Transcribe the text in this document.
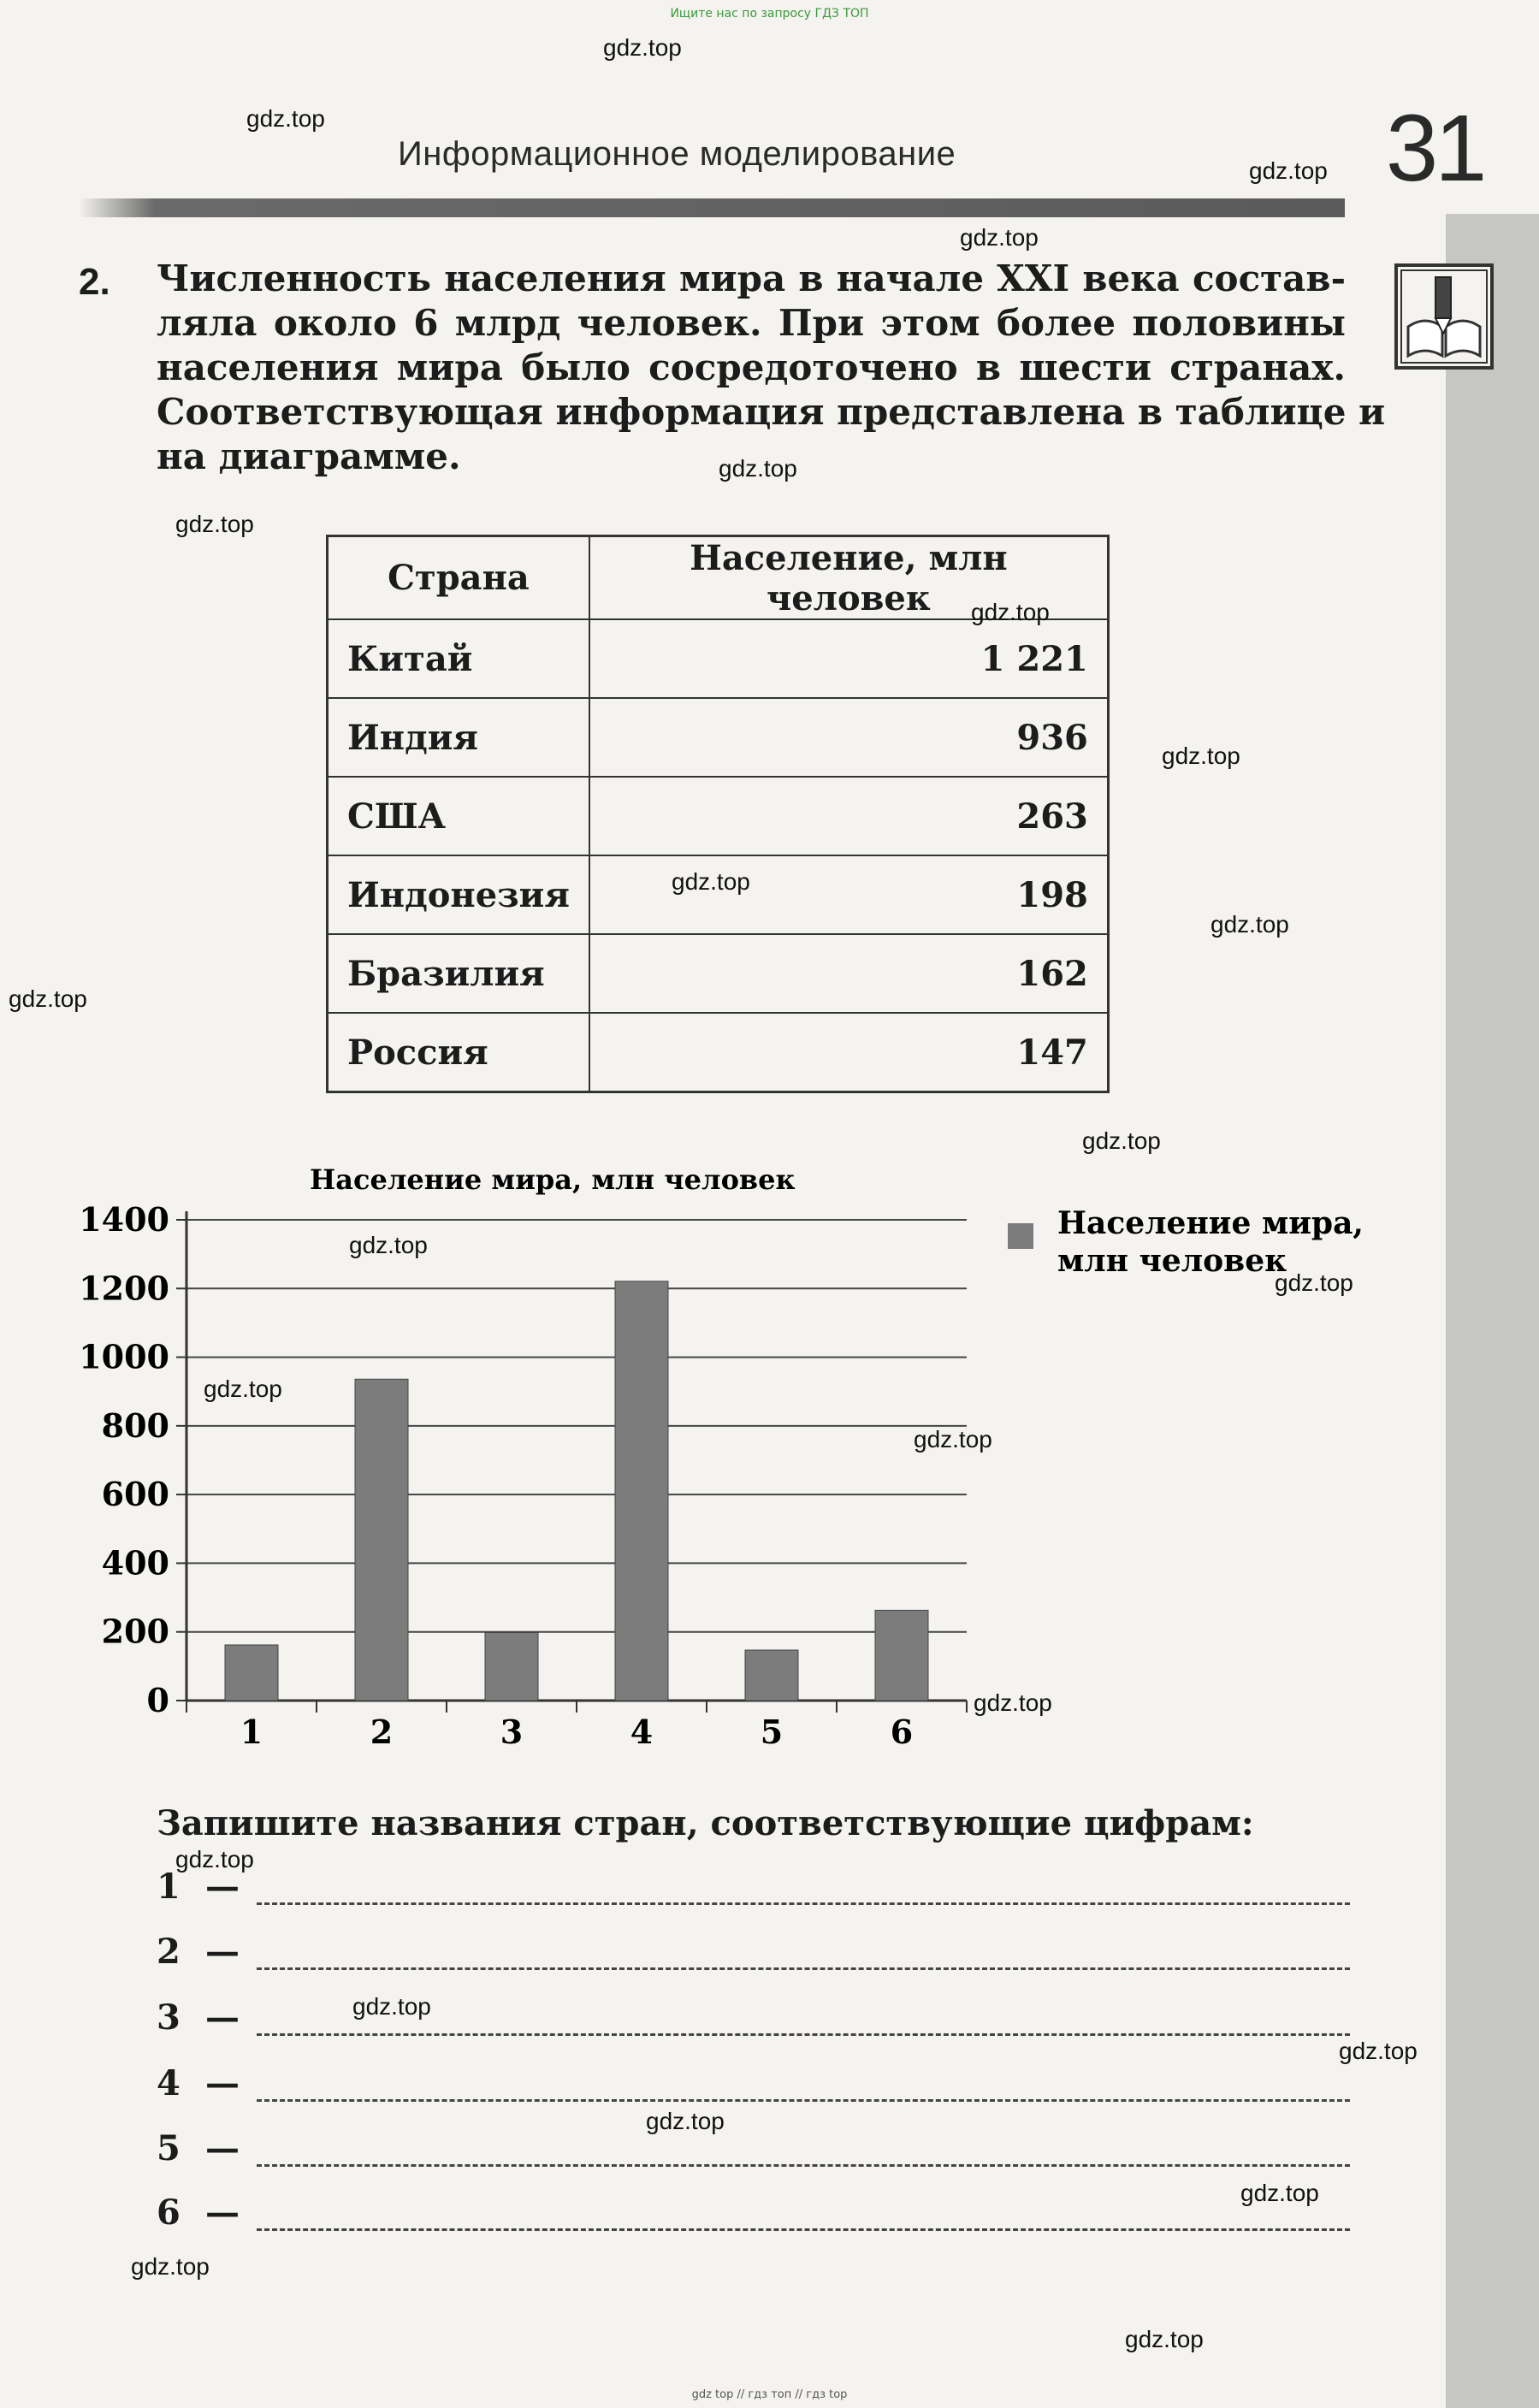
Ищите нас по запросу ГДЗ ТОП
Информационное моделирование	31
2. Численность населения мира в начале XXI века состав-
ляла около 6 млрд человек. При этом более половины
населения мира было сосредоточено в шести странах.
Соответствующая информация представлена в таблице и
на диаграмме.
Страна	Население, млн человек
Китай	1 221
Индия	936
США	263
Индонезия	198
Бразилия	162
Россия	147
Население мира, млн человек
0
200
400
600
800
1000
1200
1400
1	2	3	4	5	6
Население мира,
млн человек
Запишите названия стран, соответствующие цифрам:
1 —
2 —
3 —
4 —
5 —
6 —
gdz.top
gdz.top
gdz.top
gdz.top
gdz.top
gdz.top
gdz.top
gdz.top
gdz.top
gdz.top
gdz.top
gdz.top
gdz.top
gdz.top
gdz.top
gdz.top
gdz.top
gdz.top
gdz.top
gdz.top
gdz.top
gdz.top
gdz.top
gdz.top
gdz top // гдз топ // гдз top
